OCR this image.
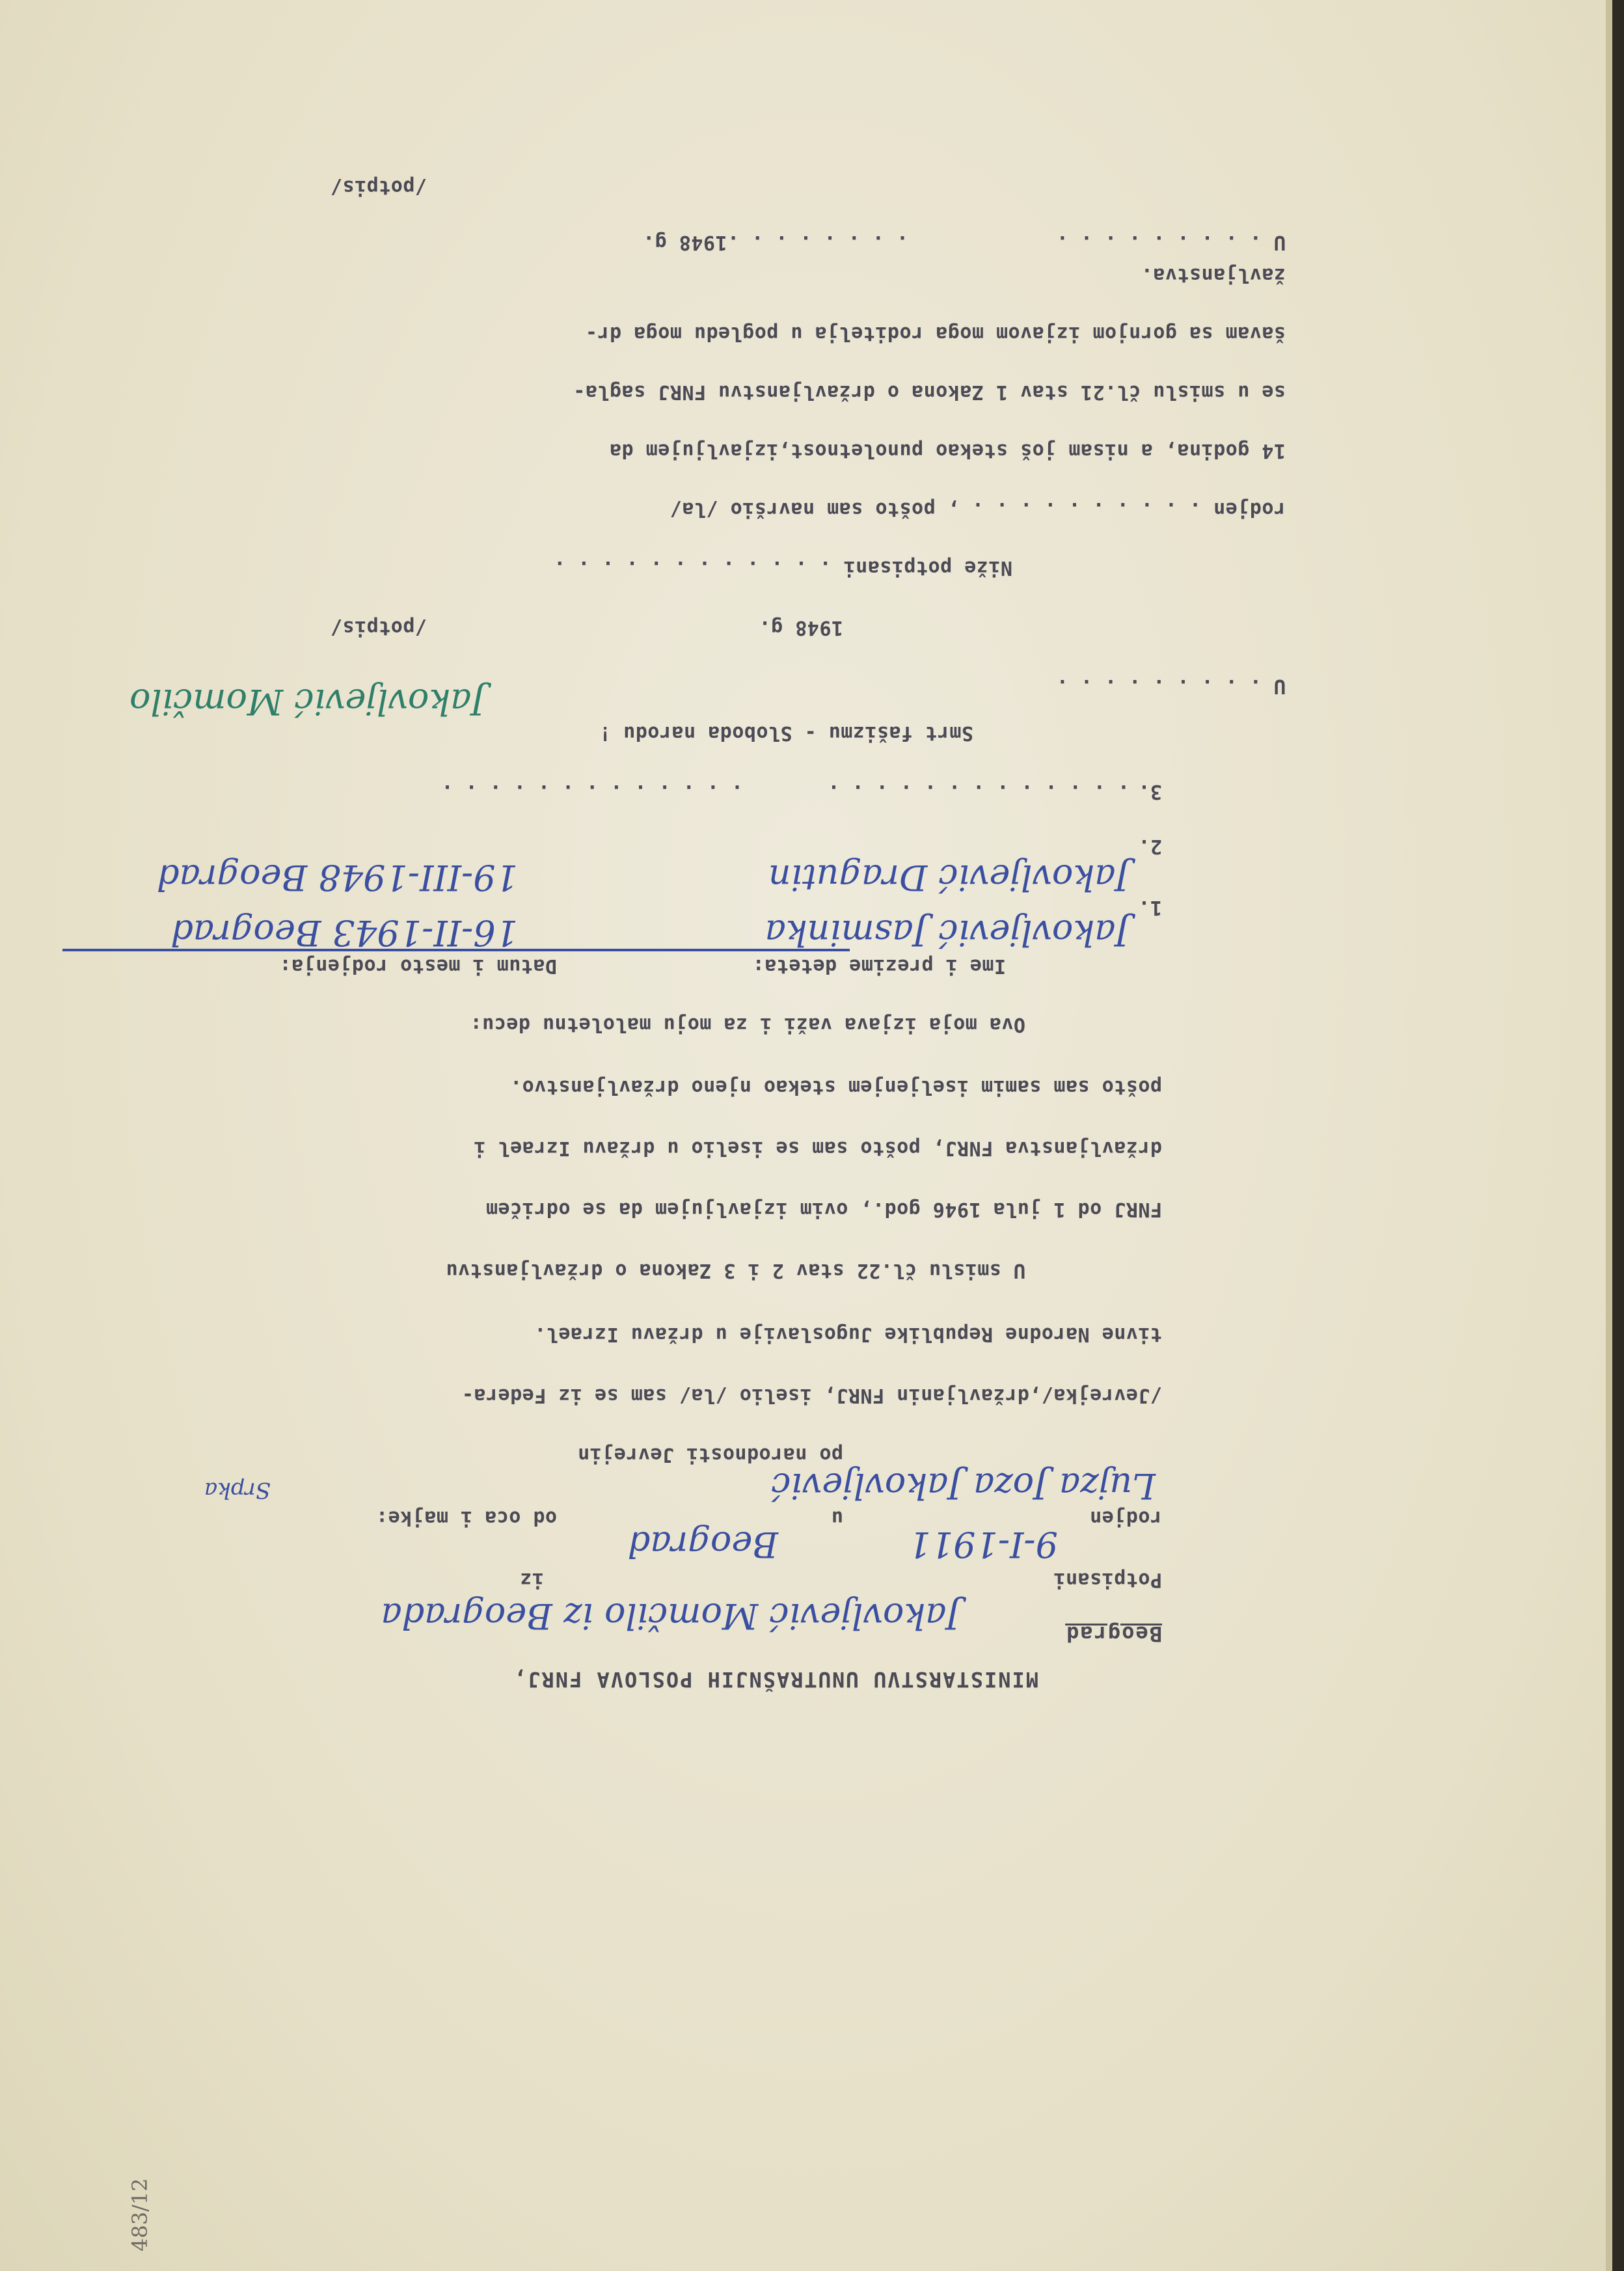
MINISTARSTVU UNUTRAŠNJIH POSLOVA FNRJ,
Beograd
Potpisani
iz
Jakovljević Momčilo iz Beograda
rodjen
u
od oca i majke:
9-I-1911
Beograd
po narodnosti Jevrejin
Lujza Joza Jakovljević
Srpka
/Jevrejka/,državljanin FNRJ, iselio /la/ sam se iz Federa-
tivne Narodne Republike Jugoslavije u državu Izrael.
U smislu čl.22 stav 2 i 3 Zakona o državljanstvu
FNRJ od 1 jula 1946 god., ovim izjavljujem da se odričem
državljanstva FNRJ, pošto sam se iselio u državu Izrael i
pošto sam samim iseljenjem stekao njeno državljanstvo.
Ova moja izjava važi i za moju maloletnu decu:
Ime i prezime deteta:
Datum i mesto rodjenja:
1.
Jakovljević Jasminka
16-II-1943 Beograd
2.
Jakovljević Dragutin
19-III-1948 Beograd
3.
. . . . . . . . . . . . .       . . . . . . . . . . . . .
Smrt fašizmu - Sloboda narodu !
U . . . . . . . . .
1948 g.
/potpis/
Jakovljević Momčilo
Niže potpisani . . . . . . . . . . . .
rodjen . . . . . . . . . . , pošto sam navršio /la/
14 godina, a nisam još stekao punoletnost,izjavljujem da
se u smislu čl.21 stav 1 Zakona o državljanstvu FNRJ sagla-
šavam sa gornjom izjavom moga roditelja u pogledu moga dr-
žavljanstva.
U . . . . . . . . .
. . . . . . . .1948 g.
/potpis/
483/12
